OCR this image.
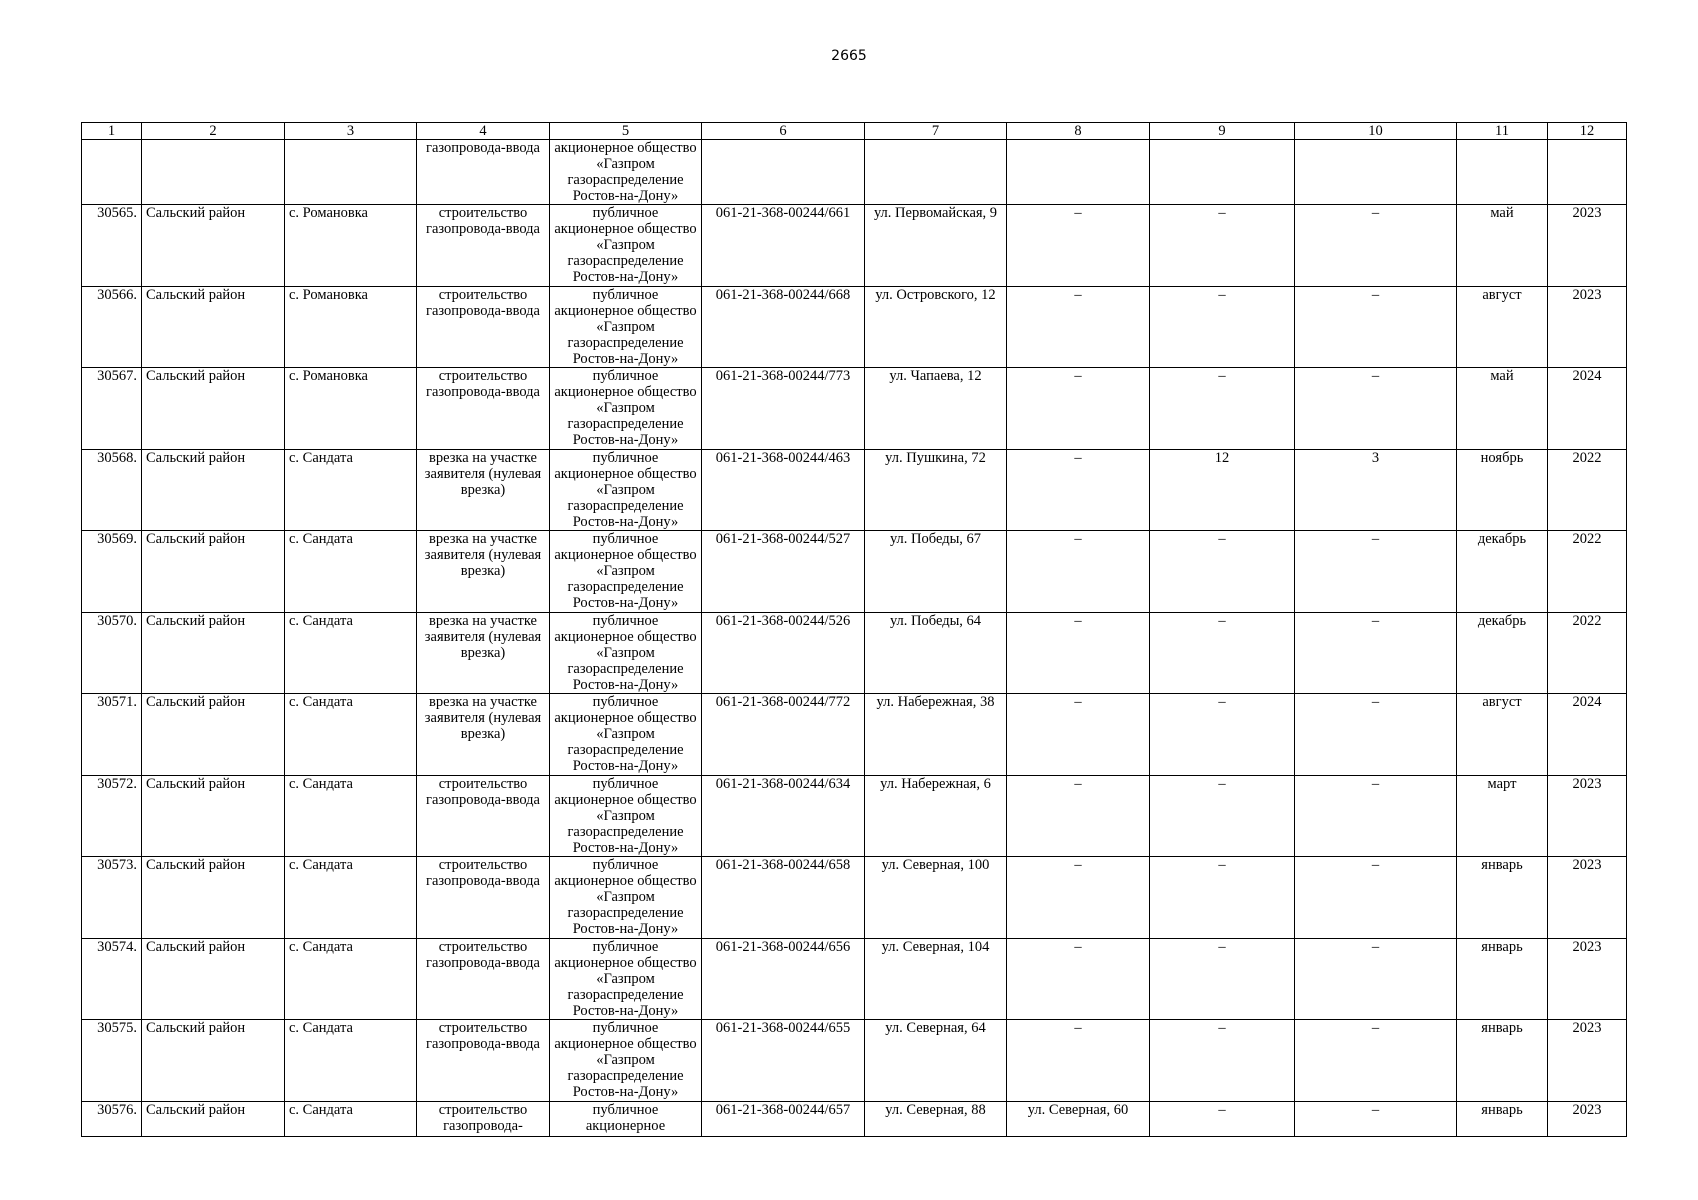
2665
1	2	3	4	5	6	7	8	9	10	11	12
			газопровода-ввода	акционерное общество «Газпром газораспределение Ростов-на-Дону»							
30565.	Сальский район	с. Романовка	строительство газопровода-ввода	публичное акционерное общество «Газпром газораспределение Ростов-на-Дону»	061-21-368-00244/661	ул. Первомайская, 9	–	–	–	май	2023
30566.	Сальский район	с. Романовка	строительство газопровода-ввода	публичное акционерное общество «Газпром газораспределение Ростов-на-Дону»	061-21-368-00244/668	ул. Островского, 12	–	–	–	август	2023
30567.	Сальский район	с. Романовка	строительство газопровода-ввода	публичное акционерное общество «Газпром газораспределение Ростов-на-Дону»	061-21-368-00244/773	ул. Чапаева, 12	–	–	–	май	2024
30568.	Сальский район	с. Сандата	врезка на участке заявителя (нулевая врезка)	публичное акционерное общество «Газпром газораспределение Ростов-на-Дону»	061-21-368-00244/463	ул. Пушкина, 72	–	12	3	ноябрь	2022
30569.	Сальский район	с. Сандата	врезка на участке заявителя (нулевая врезка)	публичное акционерное общество «Газпром газораспределение Ростов-на-Дону»	061-21-368-00244/527	ул. Победы, 67	–	–	–	декабрь	2022
30570.	Сальский район	с. Сандата	врезка на участке заявителя (нулевая врезка)	публичное акционерное общество «Газпром газораспределение Ростов-на-Дону»	061-21-368-00244/526	ул. Победы, 64	–	–	–	декабрь	2022
30571.	Сальский район	с. Сандата	врезка на участке заявителя (нулевая врезка)	публичное акционерное общество «Газпром газораспределение Ростов-на-Дону»	061-21-368-00244/772	ул. Набережная, 38	–	–	–	август	2024
30572.	Сальский район	с. Сандата	строительство газопровода-ввода	публичное акционерное общество «Газпром газораспределение Ростов-на-Дону»	061-21-368-00244/634	ул. Набережная, 6	–	–	–	март	2023
30573.	Сальский район	с. Сандата	строительство газопровода-ввода	публичное акционерное общество «Газпром газораспределение Ростов-на-Дону»	061-21-368-00244/658	ул. Северная, 100	–	–	–	январь	2023
30574.	Сальский район	с. Сандата	строительство газопровода-ввода	публичное акционерное общество «Газпром газораспределение Ростов-на-Дону»	061-21-368-00244/656	ул. Северная, 104	–	–	–	январь	2023
30575.	Сальский район	с. Сандата	строительство газопровода-ввода	публичное акционерное общество «Газпром газораспределение Ростов-на-Дону»	061-21-368-00244/655	ул. Северная, 64	–	–	–	январь	2023
30576.	Сальский район	с. Сандата	строительство газопровода-	публичное акционерное	061-21-368-00244/657	ул. Северная, 88	ул. Северная, 60	–	–	январь	2023
